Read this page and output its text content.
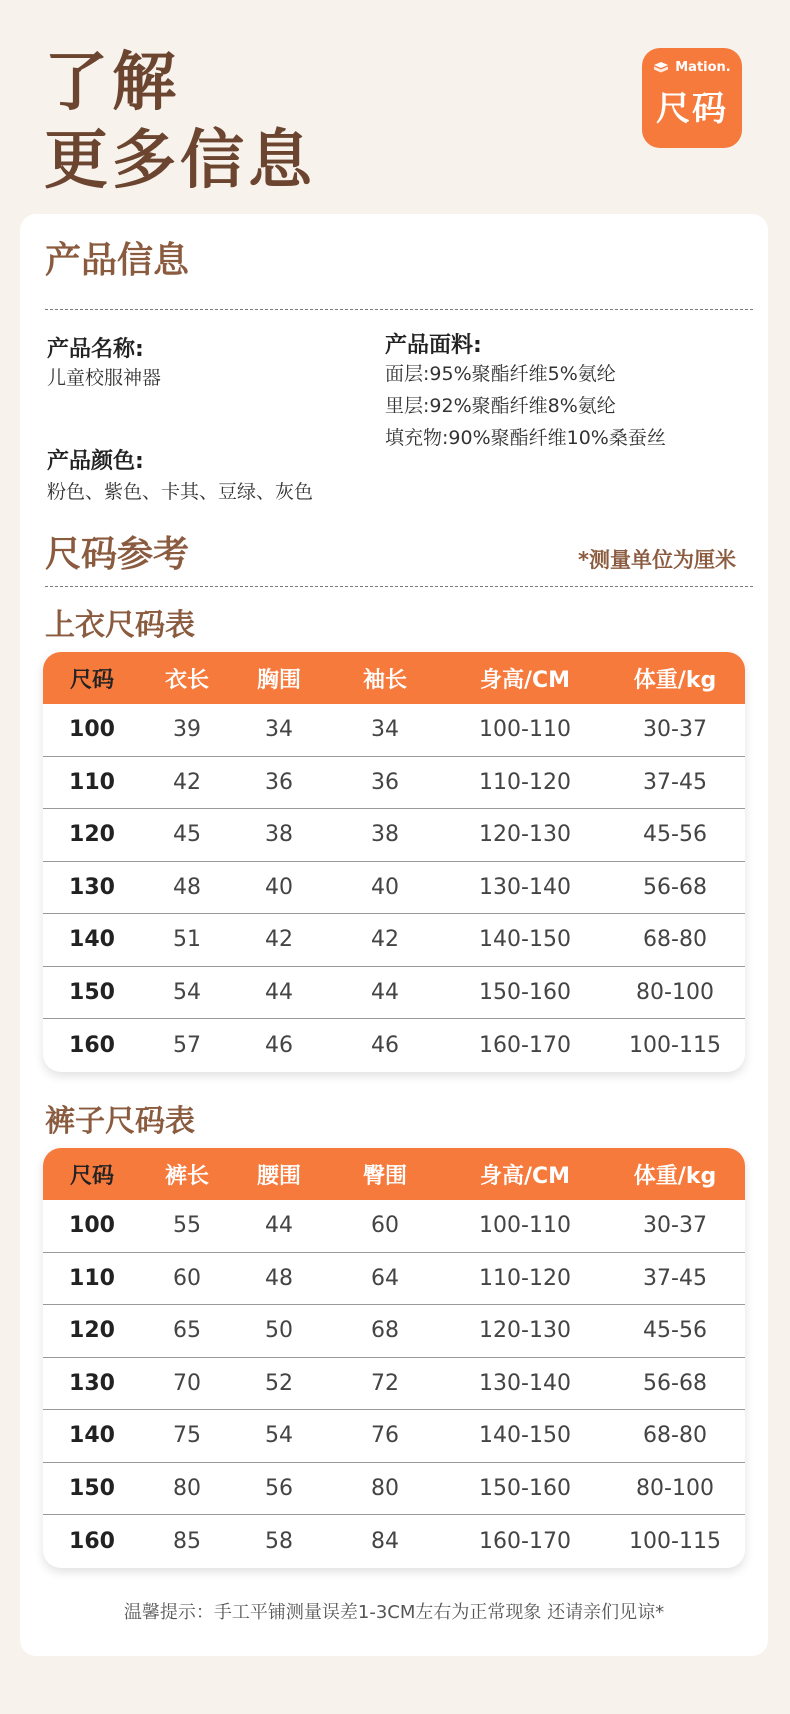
了解
更多信息
Mation.
尺码
产品信息
产品名称:
儿童校服神器
产品面料:
面层:95%聚酯纤维5%氨纶
里层:92%聚酯纤维8%氨纶
填充物:90%聚酯纤维10%桑蚕丝
产品颜色:
粉色、紫色、卡其、豆绿、灰色
尺码参考	*测量单位为厘米
上衣尺码表
尺码	衣长	胸围	袖长	身高/CM	体重/kg
100	39	34	34	100-110	30-37
110	42	36	36	110-120	37-45
120	45	38	38	120-130	45-56
130	48	40	40	130-140	56-68
140	51	42	42	140-150	68-80
150	54	44	44	150-160	80-100
160	57	46	46	160-170	100-115
裤子尺码表
尺码	裤长	腰围	臀围	身高/CM	体重/kg
100	55	44	60	100-110	30-37
110	60	48	64	110-120	37-45
120	65	50	68	120-130	45-56
130	70	52	72	130-140	56-68
140	75	54	76	140-150	68-80
150	80	56	80	150-160	80-100
160	85	58	84	160-170	100-115
温馨提示：手工平铺测量误差1-3CM左右为正常现象 还请亲们见谅*
